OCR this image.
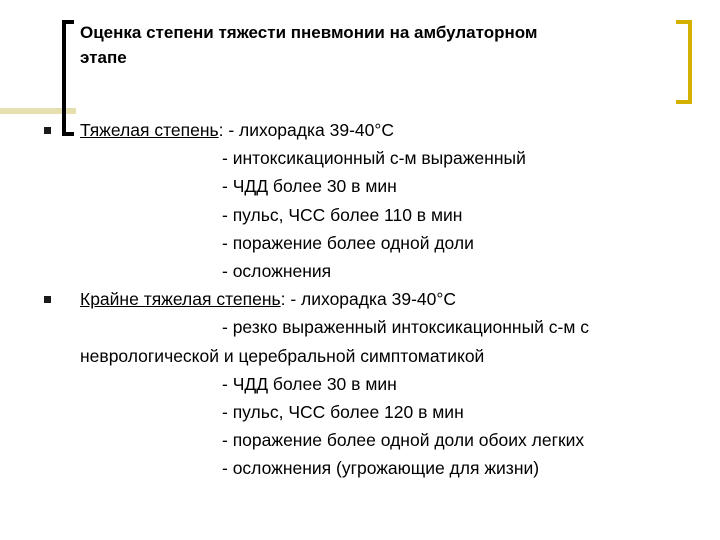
Оценка степени тяжести пневмонии на амбулаторном
этапе
Тяжелая степень: - лихорадка 39-40°С
- интоксикационный с-м выраженный
- ЧДД более 30 в мин
- пульс, ЧСС более 110 в мин
- поражение более одной доли
- осложнения
Крайне тяжелая степень: - лихорадка 39-40°С
- резко выраженный интоксикационный с-м с
неврологической и церебральной симптоматикой
- ЧДД более 30 в мин
- пульс, ЧСС более 120 в мин
- поражение более одной доли обоих легких
- осложнения (угрожающие для жизни)
